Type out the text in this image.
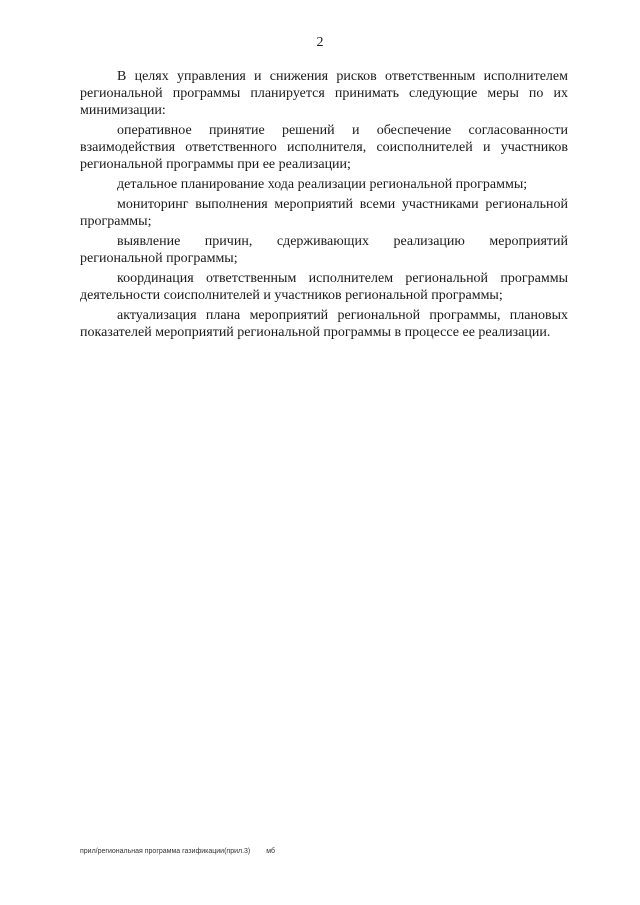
2

В целях управления и снижения рисков ответственным исполнителем региональной программы планируется принимать следующие меры по их минимизации:

оперативное принятие решений и обеспечение согласованности взаимодействия ответственного исполнителя, соисполнителей и участников региональной программы при ее реализации;

детальное планирование хода реализации региональной программы;

мониторинг выполнения мероприятий всеми участниками региональной программы;

выявление причин, сдерживающих реализацию мероприятий региональной программы;

координация ответственным исполнителем региональной программы деятельности соисполнителей и участников региональной программы;

актуализация плана мероприятий региональной программы, плановых показателей мероприятий региональной программы в процессе ее реализации.

прил/региональная программа газификации(прил.3) мб
